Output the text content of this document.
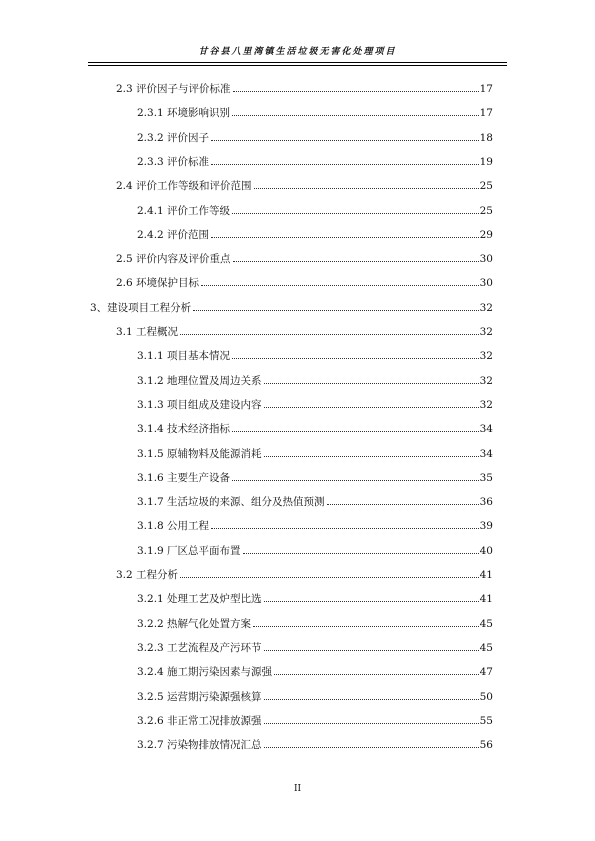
甘谷县八里湾镇生活垃圾无害化处理项目
2.3 评价因子与评价标准	17
2.3.1 环境影响识别	17
2.3.2 评价因子	18
2.3.3 评价标准	19
2.4 评价工作等级和评价范围	25
2.4.1 评价工作等级	25
2.4.2 评价范围	29
2.5 评价内容及评价重点	30
2.6 环境保护目标	30
3、建设项目工程分析	32
3.1 工程概况	32
3.1.1 项目基本情况	32
3.1.2 地理位置及周边关系	32
3.1.3 项目组成及建设内容	32
3.1.4 技术经济指标	34
3.1.5 原辅物料及能源消耗	34
3.1.6 主要生产设备	35
3.1.7 生活垃圾的来源、组分及热值预测	36
3.1.8 公用工程	39
3.1.9 厂区总平面布置	40
3.2 工程分析	41
3.2.1 处理工艺及炉型比选	41
3.2.2 热解气化处置方案	45
3.2.3 工艺流程及产污环节	45
3.2.4 施工期污染因素与源强	47
3.2.5 运营期污染源强核算	50
3.2.6 非正常工况排放源强	55
3.2.7 污染物排放情况汇总	56
II
